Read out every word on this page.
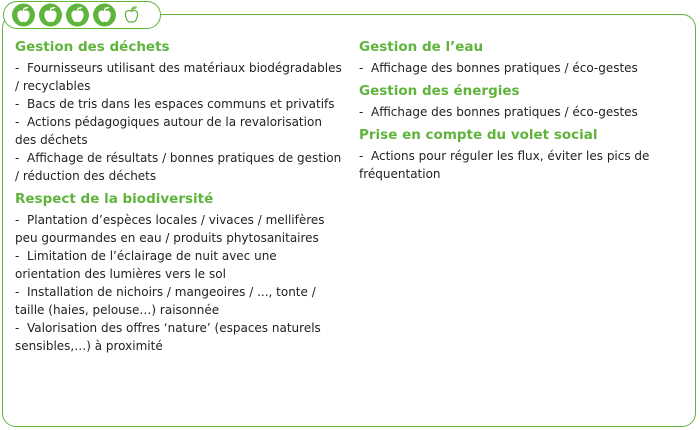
Gestion des déchets
- Fournisseurs utilisant des matériaux biodégradables / recyclables
- Bacs de tris dans les espaces communs et privatifs
- Actions pédagogiques autour de la revalorisation des déchets
- Affichage de résultats / bonnes pratiques de gestion / réduction des déchets
Respect de la biodiversité
- Plantation d’espèces locales / vivaces / mellifères peu gourmandes en eau / produits phytosanitaires
- Limitation de l’éclairage de nuit avec une orientation des lumières vers le sol
- Installation de nichoirs / mangeoires / ..., tonte / taille (haies, pelouse…) raisonnée
- Valorisation des offres ‘nature’ (espaces naturels sensibles,…) à proximité
Gestion de l’eau
- Affichage des bonnes pratiques / éco-gestes
Gestion des énergies
- Affichage des bonnes pratiques / éco-gestes
Prise en compte du volet social
- Actions pour réguler les flux, éviter les pics de fréquentation
